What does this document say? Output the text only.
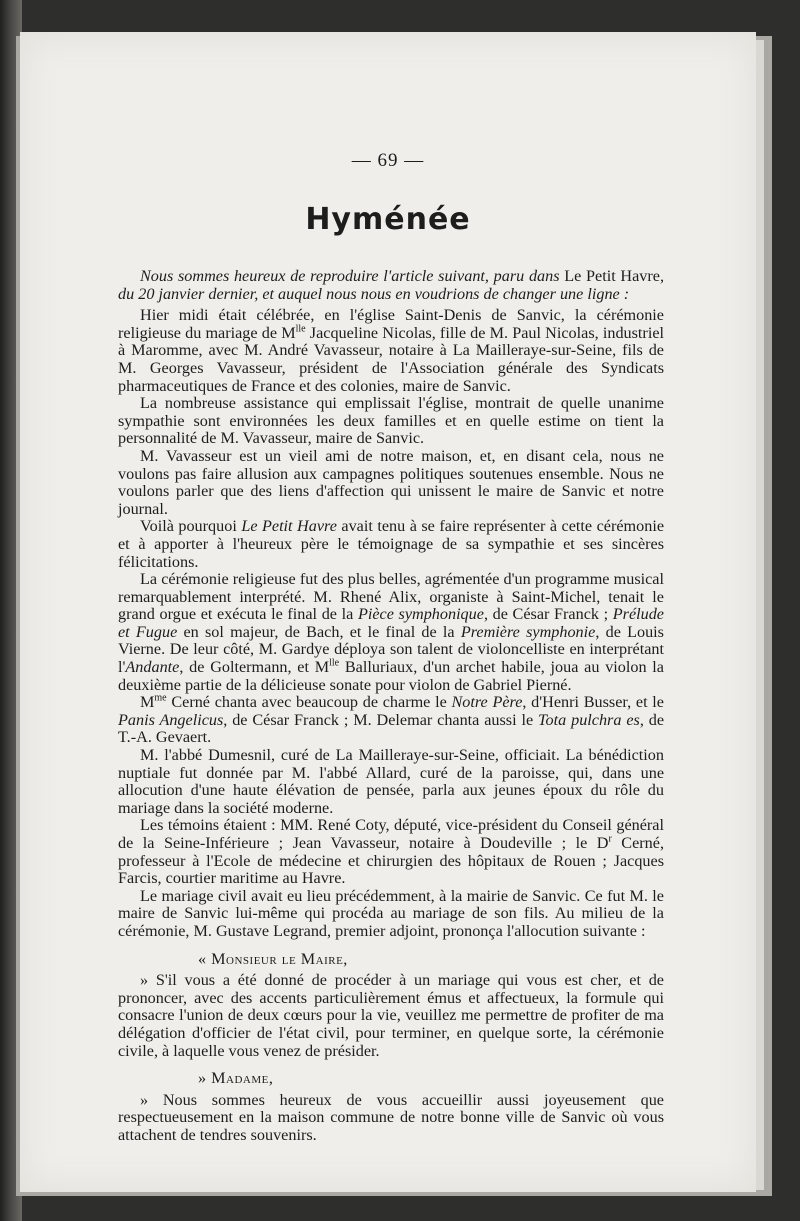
— 69 —
Hyménée

Nous sommes heureux de reproduire l'article suivant, paru dans Le Petit Havre, du 20 janvier dernier, et auquel nous nous en voudrions de changer une ligne :

Hier midi était célébrée, en l'église Saint-Denis de Sanvic, la cérémonie religieuse du mariage de $M^{lle}$ Jacqueline Nicolas, fille de M. Paul Nicolas, industriel à Maromme, avec M. André Vavasseur, notaire à La Mailleraye-sur-Seine, fils de M. Georges Vavasseur, président de l'Association générale des Syndicats pharmaceutiques de France et des colonies, maire de Sanvic.

La nombreuse assistance qui emplissait l'église, montrait de quelle unanime sympathie sont environnées les deux familles et en quelle estime on tient la personnalité de M. Vavasseur, maire de Sanvic.

M. Vavasseur est un vieil ami de notre maison, et, en disant cela, nous ne voulons pas faire allusion aux campagnes politiques soutenues ensemble. Nous ne voulons parler que des liens d'affection qui unissent le maire de Sanvic et notre journal.

Voilà pourquoi Le Petit Havre avait tenu à se faire représenter à cette cérémonie et à apporter à l'heureux père le témoignage de sa sympathie et ses sincères félicitations.

La cérémonie religieuse fut des plus belles, agrémentée d'un programme musical remarquablement interprété. M. Rhené Alix, organiste à Saint-Michel, tenait le grand orgue et exécuta le final de la Pièce symphonique, de César Franck ; Prélude et Fugue en sol majeur, de Bach, et le final de la Première symphonie, de Louis Vierne. De leur côté, M. Gardye déploya son talent de violoncelliste en interprétant l'Andante, de Goltermann, et $M^{lle}$ Balluriaux, d'un archet habile, joua au violon la deuxième partie de la délicieuse sonate pour violon de Gabriel Pierné.

$M^{me}$ Cerné chanta avec beaucoup de charme le Notre Père, d'Henri Busser, et le Panis Angelicus, de César Franck ; M. Delemar chanta aussi le Tota pulchra es, de T.-A. Gevaert.

M. l'abbé Dumesnil, curé de La Mailleraye-sur-Seine, officiait. La bénédiction nuptiale fut donnée par M. l'abbé Allard, curé de la paroisse, qui, dans une allocution d'une haute élévation de pensée, parla aux jeunes époux du rôle du mariage dans la société moderne.

Les témoins étaient : MM. René Coty, député, vice-président du Conseil général de la Seine-Inférieure ; Jean Vavasseur, notaire à Doudeville ; le $D^r$ Cerné, professeur à l'Ecole de médecine et chirurgien des hôpitaux de Rouen ; Jacques Farcis, courtier maritime au Havre.

Le mariage civil avait eu lieu précédemment, à la mairie de Sanvic. Ce fut M. le maire de Sanvic lui-même qui procéda au mariage de son fils. Au milieu de la cérémonie, M. Gustave Legrand, premier adjoint, prononça l'allocution suivante :

« Monsieur le Maire,

» S'il vous a été donné de procéder à un mariage qui vous est cher, et de prononcer, avec des accents particulièrement émus et affectueux, la formule qui consacre l'union de deux cœurs pour la vie, veuillez me permettre de profiter de ma délégation d'officier de l'état civil, pour terminer, en quelque sorte, la cérémonie civile, à laquelle vous venez de présider.

» Madame,

» Nous sommes heureux de vous accueillir aussi joyeusement que respectueusement en la maison commune de notre bonne ville de Sanvic où vous attachent de tendres souvenirs.
